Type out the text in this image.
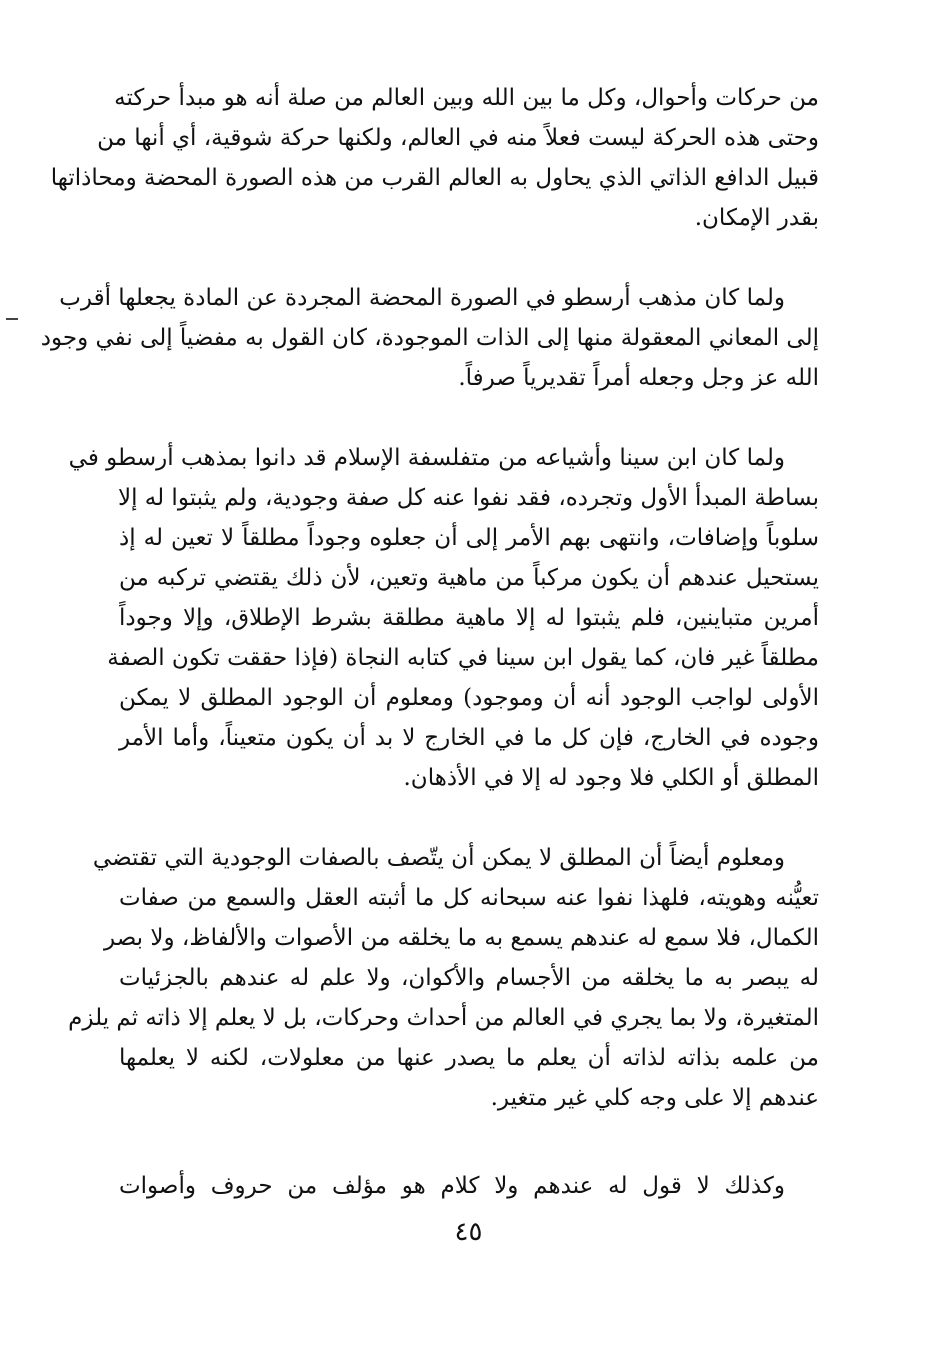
من حركات وأحوال، وكل ما بين الله وبين العالم من صلة أنه هو مبدأ حركته
وحتى هذه الحركة ليست فعلاً منه في العالم، ولكنها حركة شوقية، أي أنها من
قبيل الدافع الذاتي الذي يحاول به العالم القرب من هذه الصورة المحضة ومحاذاتها
بقدر الإمكان.
ولما كان مذهب أرسطو في الصورة المحضة المجردة عن المادة يجعلها أقرب
إلى المعاني المعقولة منها إلى الذات الموجودة، كان القول به مفضياً إلى نفي وجود
الله عز وجل وجعله أمراً تقديرياً صرفاً.
ولما كان ابن سينا وأشياعه من متفلسفة الإسلام قد دانوا بمذهب أرسطو في
بساطة المبدأ الأول وتجرده، فقد نفوا عنه كل صفة وجودية، ولم يثبتوا له إلا
سلوباً وإضافات، وانتهى بهم الأمر إلى أن جعلوه وجوداً مطلقاً لا تعين له إذ
يستحيل عندهم أن يكون مركباً من ماهية وتعين، لأن ذلك يقتضي تركبه من
أمرين متباينين، فلم يثبتوا له إلا ماهية مطلقة بشرط الإطلاق، وإلا وجوداً
مطلقاً غير فان، كما يقول ابن سينا في كتابه النجاة (فإذا حققت تكون الصفة
الأولى لواجب الوجود أنه أن وموجود) ومعلوم أن الوجود المطلق لا يمكن
وجوده في الخارج، فإن كل ما في الخارج لا بد أن يكون متعيناً، وأما الأمر
المطلق أو الكلي فلا وجود له إلا في الأذهان.
ومعلوم أيضاً أن المطلق لا يمكن أن يتّصف بالصفات الوجودية التي تقتضي
تعيُّنه وهويته، فلهذا نفوا عنه سبحانه كل ما أثبته العقل والسمع من صفات
الكمال، فلا سمع له عندهم يسمع به ما يخلقه من الأصوات والألفاظ، ولا بصر
له يبصر به ما يخلقه من الأجسام والأكوان، ولا علم له عندهم بالجزئيات
المتغيرة، ولا بما يجري في العالم من أحداث وحركات، بل لا يعلم إلا ذاته ثم يلزم
من علمه بذاته لذاته أن يعلم ما يصدر عنها من معلولات، لكنه لا يعلمها
عندهم إلا على وجه كلي غير متغير.
وكذلك لا قول له عندهم ولا كلام هو مؤلف من حروف وأصوات
٤٥
